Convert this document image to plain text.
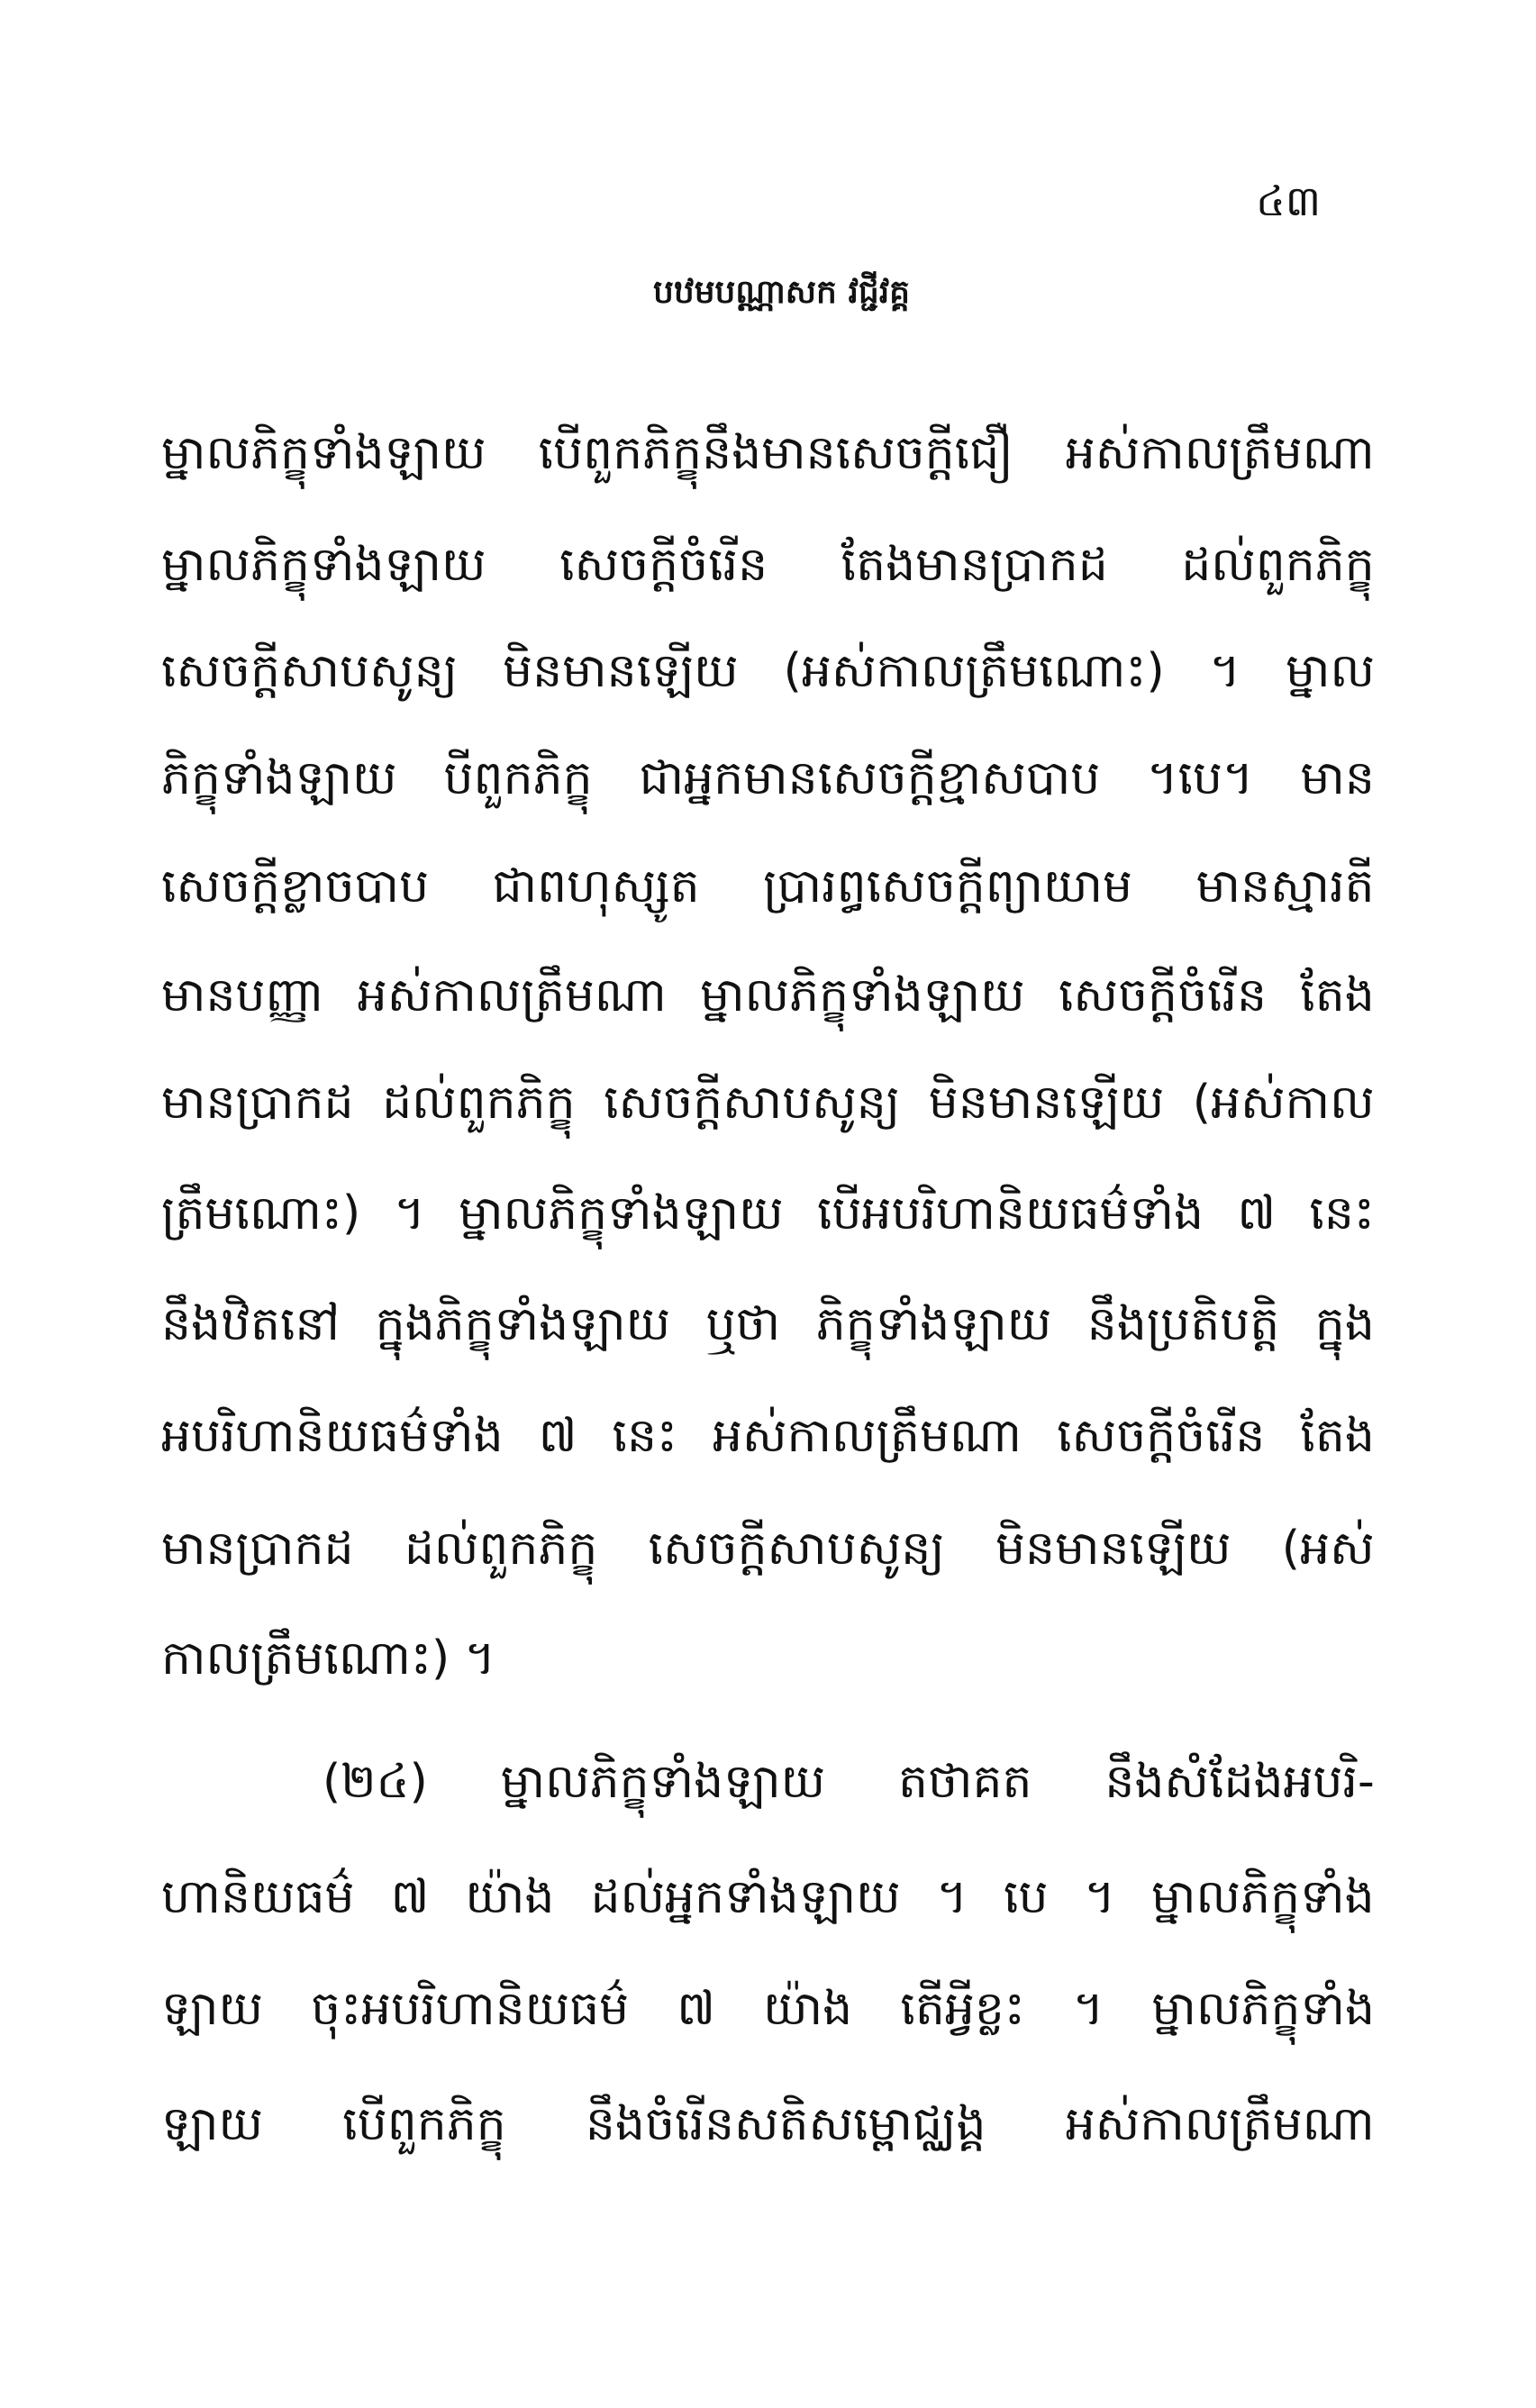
៤៣
បឋមបណ្ណាសក វជ្ជីវគ្គ
ម្នាលភិក្ខុទាំងឡាយ បើពួកភិក្ខុនឹងមានសេចក្ដីជឿ អស់កាលត្រឹមណា
ម្នាលភិក្ខុទាំងឡាយ សេចក្ដីចំរើន តែងមានប្រាកដ ដល់ពួកភិក្ខុ
សេចក្ដីសាបសូន្យ មិនមានឡើយ (អស់កាលត្រឹមណោះ) ។ ម្នាល
ភិក្ខុទាំងឡាយ បីពួកភិក្ខុ ជាអ្នកមានសេចក្ដីខ្មាសបាប ។បេ។ មាន
សេចក្ដីខ្លាចបាប ជាពហុស្សូត ប្រារព្ធសេចក្ដីព្យាយាម មានស្មារតី
មានបញ្ញា អស់កាលត្រឹមណា ម្នាលភិក្ខុទាំងឡាយ សេចក្ដីចំរើន តែង
មានប្រាកដ ដល់ពួកភិក្ខុ សេចក្ដីសាបសូន្យ មិនមានឡើយ (អស់កាល
ត្រឹមណោះ) ។ ម្នាលភិក្ខុទាំងឡាយ បើអបរិហានិយធម៌ទាំង ៧ នេះ
នឹងឋិតនៅ ក្នុងភិក្ខុទាំងឡាយ ឬថា ភិក្ខុទាំងឡាយ នឹងប្រតិបត្តិ ក្នុង
អបរិហានិយធម៌ទាំង ៧ នេះ អស់កាលត្រឹមណា សេចក្ដីចំរើន តែង
មានប្រាកដ ដល់ពួកភិក្ខុ សេចក្ដីសាបសូន្យ មិនមានឡើយ (អស់
កាលត្រឹមណោះ) ។
(២៤) ម្នាលភិក្ខុទាំងឡាយ តថាគត នឹងសំដែងអបរិ-
ហានិយធម៌ ៧ យ៉ាង ដល់អ្នកទាំងឡាយ ។ បេ ។ ម្នាលភិក្ខុទាំង
ឡាយ ចុះអបរិហានិយធម៌ ៧ យ៉ាង តើអ្វីខ្លះ ។ ម្នាលភិក្ខុទាំង
ឡាយ បើពួកភិក្ខុ នឹងចំរើនសតិសម្ពោជ្ឈង្គ អស់កាលត្រឹមណា
